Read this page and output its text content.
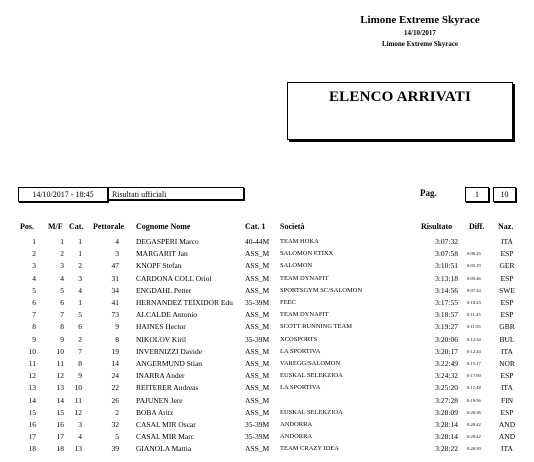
Limone Extreme Skyrace
14/10/2017
Limone Extreme Skyrace
ELENCO ARRIVATI
14/10/2017 - 18:45	Risultati ufficiali	Pag.	1	10
Pos. M/F Cat. Pettorale Cognome Nome	Cat. 1 Società	Risultato Diff. Naz.
1	1	1	4 DEGASPERI Marco	40-44M TEAM HOKA	3:07:32	ITA
2	2	1	3 MARGARIT Jan	ASS_M SALOMON ETIXX	3:07:58 0:00:25	ESP
3	3	2	47 KNOPF Stefan	ASS_M SALOMON	3:10:51 0:03:19	GER
4	4	3	31 CARDONA COLL Oriol	ASS_M TEAM DYNAFIT	3:13:18 0:05:46	ESP
5	5	4	34 ENGDAHL Petter	ASS_M SPORTSGYM SC/SALOMON	3:14:56 0:07:24	SWE
6	6	1	41 HERNANDEZ TEIXIDOR Edu 35-39M FEEC	3:17:55 0:10:23	ESP
7	7	5	73 ALCALDE Antonio	ASS_M TEAM DYNAFIT	3:18:57 0:11:25	ESP
8	8	6	9 HAINES Hector	ASS_M SCOTT RUNNING TEAM	3:19:27 0:11:55	GBR
9	9	2	8 NIKOLOV Kiril	35-39M XCOSPORTS	3:20:06 0:12:34	BUL
10	10	7	19 INVERNIZZI Davide	ASS_M LA SPORTIVA	3:20:17 0:12:44	ITA
11	11	8	14 ANGERMUND Stian	ASS_M VAREGG/SALOMON	3:22:49 0:15:17	NOR
12	12	9	24 INARRA Ander	ASS_M EUSKAL SELEKZIOA	3:24:32 0:17:00	ESP
13	13	10	22 REITERER Andreas	ASS_M LA SPORTIVA	3:25:20 0:17:48	ITA
14	14	11	26 PAJUNEN Jere	ASS_M	3:27:28 0:19:56	FIN
15	15	12	2 BOBA Aritz	ASS_M EUSKAL SELEKZIOA	3:28:09 0:20:36	ESP
16	16	3	32 CASAL MIR Oscar	35-39M ANDORRA	3:28:14 0:20:42	AND
17	17	4	5 CASAL MIR Marc	35-39M ANDORRA	3:28:14 0:20:42	AND
18	18	13	39 GIANOLA Mattia	ASS_M TEAM CRAZY IDEA	3:28:22 0:20:50	ITA
